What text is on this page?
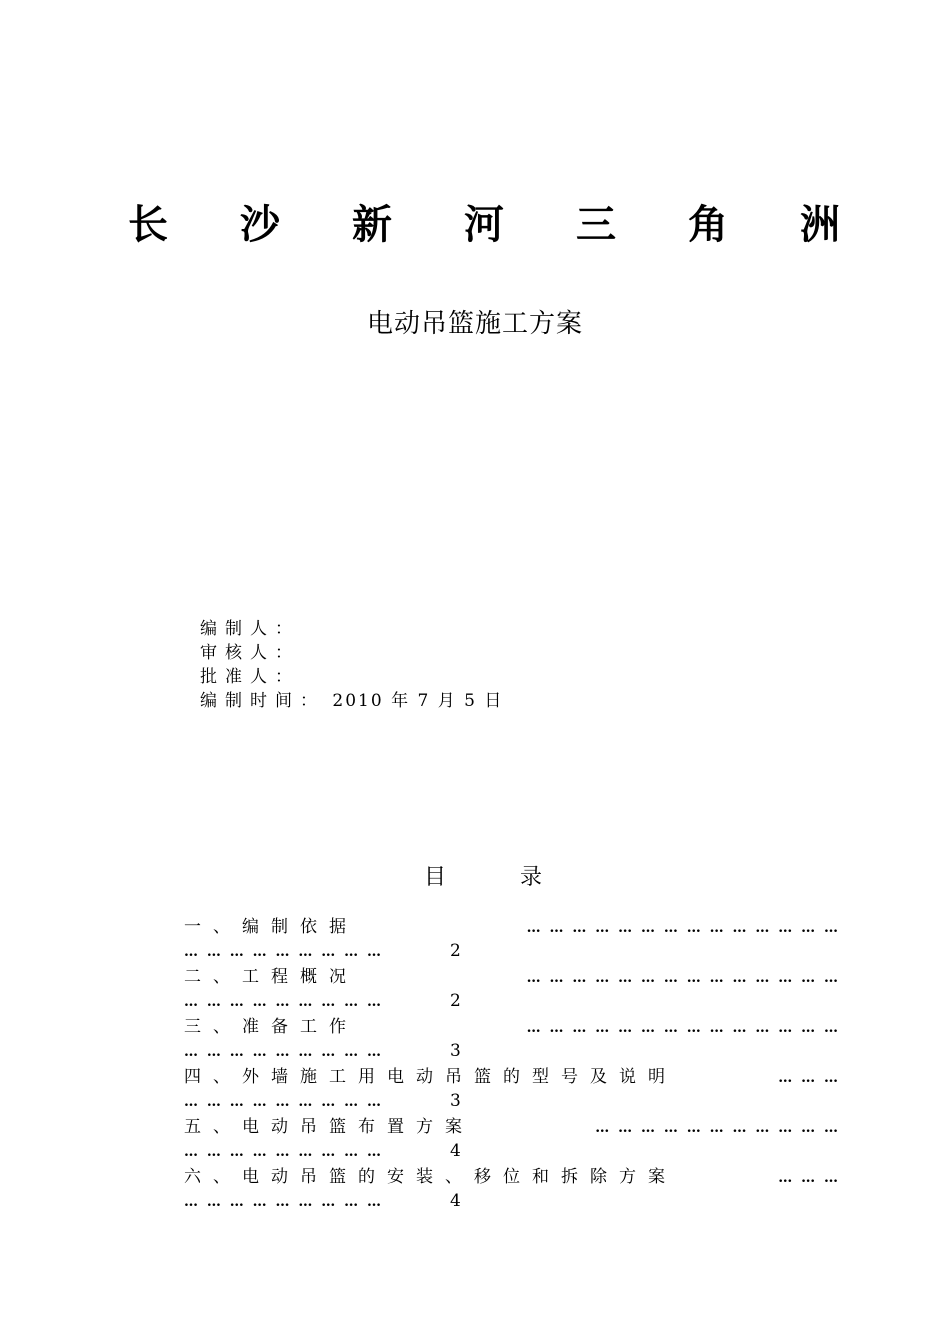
长 沙 新 河 三 角 洲
电动吊篮施工方案
编制人：
审核人：
批准人：
编制时间： 2010 年 7 月 5 日
目	录
一、编制依据	… … … … … … … … … … … … … …
… … … … … … … … …	2
二、工程概况	… … … … … … … … … … … … … …
… … … … … … … … …	2
三、准备工作	… … … … … … … … … … … … … …
… … … … … … … … …	3
四、外墙施工用电动吊篮的型号及说明	… … …
… … … … … … … … …	3
五、电动吊篮布置方案	… … … … … … … … … … …
… … … … … … … … …	4
六、电动吊篮的安装、移位和拆除方案	… … …
… … … … … … … … …	4
